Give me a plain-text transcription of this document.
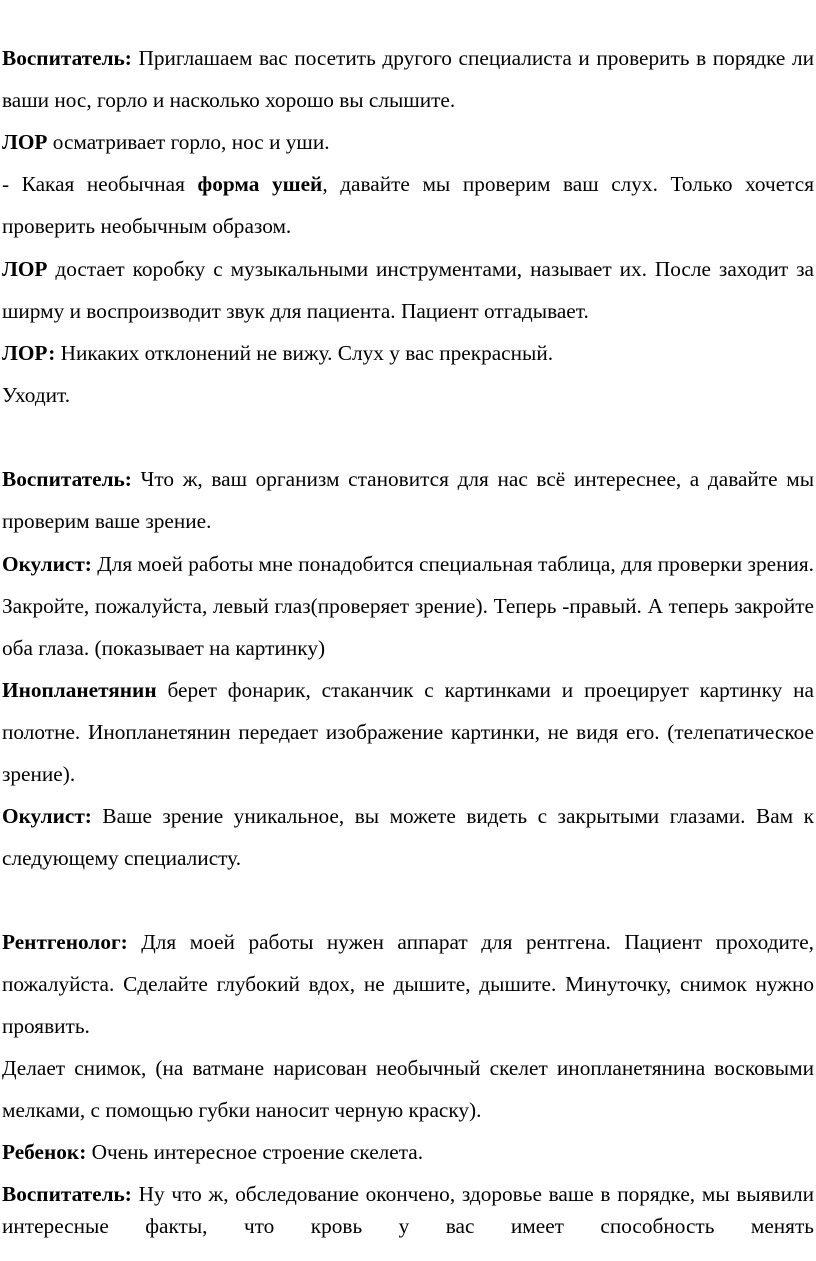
Воспитатель: Приглашаем вас посетить другого специалиста и проверить в порядке ли ваши нос, горло и насколько хорошо вы слышите.

ЛОР осматривает горло, нос и уши.

- Какая необычная форма ушей, давайте мы проверим ваш слух. Только хочется проверить необычным образом.

ЛОР достает коробку с музыкальными инструментами, называет их. После заходит за ширму и воспроизводит звук для пациента. Пациент отгадывает.

ЛОР: Никаких отклонений не вижу. Слух у вас прекрасный.

Уходит.

Воспитатель: Что ж, ваш организм становится для нас всё интереснее, а давайте мы проверим ваше зрение.

Окулист: Для моей работы мне понадобится специальная таблица, для проверки зрения. Закройте, пожалуйста, левый глаз(проверяет зрение). Теперь -правый. А теперь закройте оба глаза. (показывает на картинку)

Инопланетянин берет фонарик, стаканчик с картинками и проецирует картинку на полотне. Инопланетянин передает изображение картинки, не видя его. (телепатическое зрение).

Окулист: Ваше зрение уникальное, вы можете видеть с закрытыми глазами. Вам к следующему специалисту.

Рентгенолог: Для моей работы нужен аппарат для рентгена. Пациент проходите, пожалуйста. Сделайте глубокий вдох, не дышите, дышите. Минуточку, снимок нужно проявить.

Делает снимок, (на ватмане нарисован необычный скелет инопланетянина восковыми мелками, с помощью губки наносит черную краску).

Ребенок: Очень интересное строение скелета.

Воспитатель: Ну что ж, обследование окончено, здоровье ваше в порядке, мы выявили интересные факты, что кровь у вас имеет способность менять
